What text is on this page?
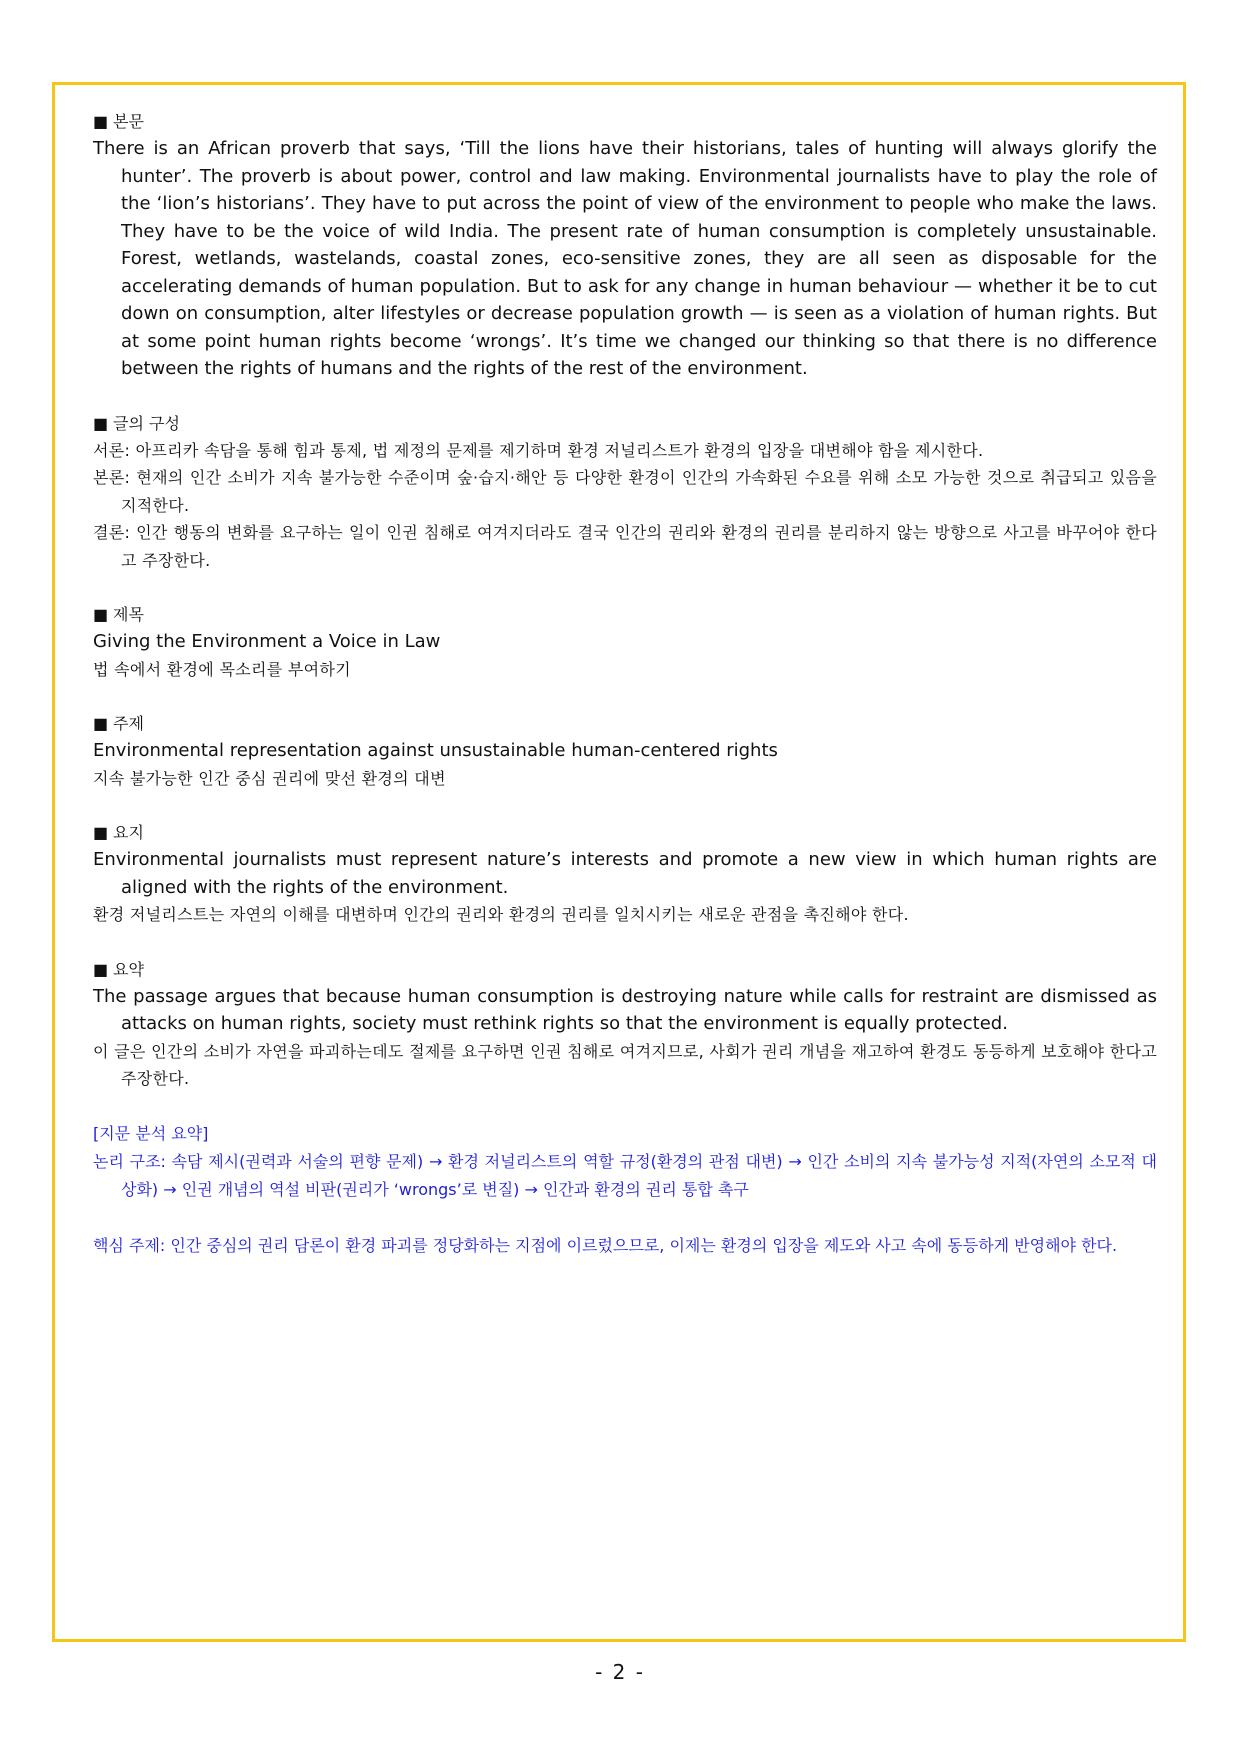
■ 본문

There is an African proverb that says, ‘Till the lions have their historians, tales of hunting will always glorify the hunter’. The proverb is about power, control and law making. Environmental journalists have to play the role of the ‘lion’s historians’. They have to put across the point of view of the environment to people who make the laws. They have to be the voice of wild India. The present rate of human consumption is completely unsustainable. Forest, wetlands, wastelands, coastal zones, eco-sensitive zones, they are all seen as disposable for the accelerating demands of human population. But to ask for any change in human behaviour — whether it be to cut down on consumption, alter lifestyles or decrease population growth — is seen as a violation of human rights. But at some point human rights become ‘wrongs’. It’s time we changed our thinking so that there is no difference between the rights of humans and the rights of the rest of the environment.

■ 글의 구성

서론: 아프리카 속담을 통해 힘과 통제, 법 제정의 문제를 제기하며 환경 저널리스트가 환경의 입장을 대변해야 함을 제시한다.

본론: 현재의 인간 소비가 지속 불가능한 수준이며 숲·습지·해안 등 다양한 환경이 인간의 가속화된 수요를 위해 소모 가능한 것으로 취급되고 있음을 지적한다.

결론: 인간 행동의 변화를 요구하는 일이 인권 침해로 여겨지더라도 결국 인간의 권리와 환경의 권리를 분리하지 않는 방향으로 사고를 바꾸어야 한다고 주장한다.

■ 제목

Giving the Environment a Voice in Law

법 속에서 환경에 목소리를 부여하기

■ 주제

Environmental representation against unsustainable human-centered rights

지속 불가능한 인간 중심 권리에 맞선 환경의 대변

■ 요지

Environmental journalists must represent nature’s interests and promote a new view in which human rights are aligned with the rights of the environment.

환경 저널리스트는 자연의 이해를 대변하며 인간의 권리와 환경의 권리를 일치시키는 새로운 관점을 촉진해야 한다.

■ 요약

The passage argues that because human consumption is destroying nature while calls for restraint are dismissed as attacks on human rights, society must rethink rights so that the environment is equally protected.

이 글은 인간의 소비가 자연을 파괴하는데도 절제를 요구하면 인권 침해로 여겨지므로, 사회가 권리 개념을 재고하여 환경도 동등하게 보호해야 한다고 주장한다.

[지문 분석 요약]

논리 구조: 속담 제시(권력과 서술의 편향 문제) → 환경 저널리스트의 역할 규정(환경의 관점 대변) → 인간 소비의 지속 불가능성 지적(자연의 소모적 대상화) → 인권 개념의 역설 비판(권리가 ‘wrongs’로 변질) → 인간과 환경의 권리 통합 촉구

핵심 주제: 인간 중심의 권리 담론이 환경 파괴를 정당화하는 지점에 이르렀으므로, 이제는 환경의 입장을 제도와 사고 속에 동등하게 반영해야 한다.

- 2 -
